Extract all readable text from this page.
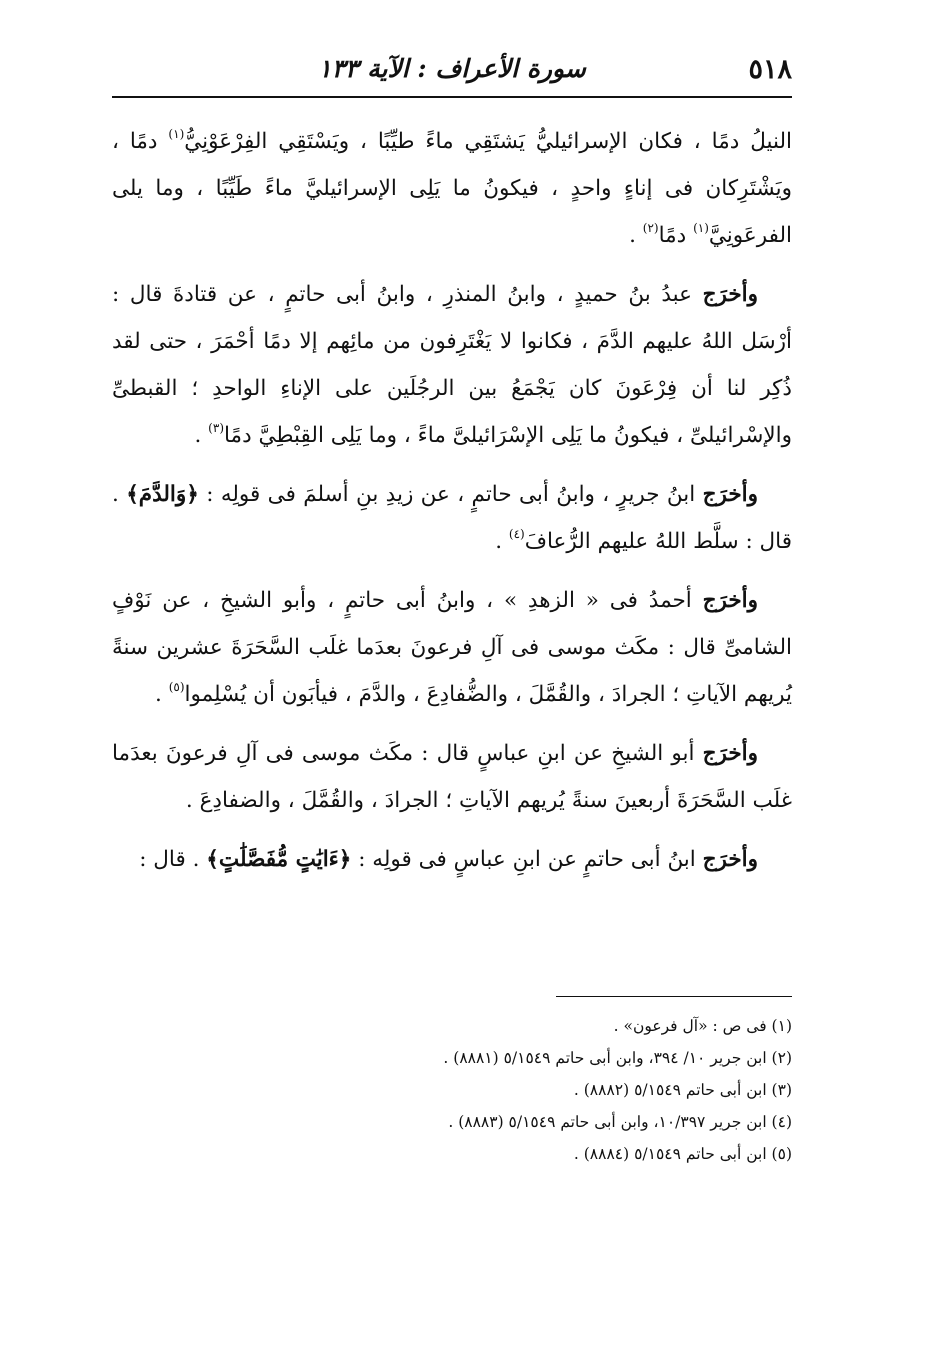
٥١٨
سورة الأعراف : الآية ١٣٣

النيلُ دمًا ، فكان الإسرائيليُّ يَشتَقِي ماءً طيِّبًا ، ويَسْتَقِي الفِرْعَوْنِيُّ$^{(١)}$ دمًا ، ويَشْتَرِكان فى إناءٍ واحدٍ ، فيكونُ ما يَلِى الإسرائيليَّ ماءً طَيِّبًا ، وما يلى الفرعَونِيَّ$^{(١)}$ دمًا$^{(٢)}$ .

وأخرَج عبدُ بنُ حميدٍ ، وابنُ المنذرِ ، وابنُ أبى حاتمٍ ، عن قتادةَ قال : أرْسَل اللهُ عليهم الدَّمَ ، فكانوا لا يَغْتَرِفون من مائِهم إلا دمًا أحْمَرَ ، حتى لقد ذُكِر لنا أن فِرْعَونَ كان يَجْمَعُ بين الرجُلَين على الإناءِ الواحدِ ؛ القبطىِّ والإسْرائيلىِّ ، فيكونُ ما يَلِى الإسْرَائيلىَّ ماءً ، وما يَلِى القِبْطِيَّ دمًا$^{(٣)}$ .

وأخرَج ابنُ جريرٍ ، وابنُ أبى حاتمٍ ، عن زيدِ بنِ أسلمَ فى قولِه : ﴿وَالدَّمَ﴾ . قال : سلَّط اللهُ عليهم الرُّعافَ$^{(٤)}$ .

وأخرَج أحمدُ فى « الزهدِ » ، وابنُ أبى حاتمٍ ، وأبو الشيخِ ، عن نَوْفٍ الشامىِّ قال : مكَث موسى فى آلِ فرعونَ بعدَما غلَب السَّحَرَةَ عشرين سنةً يُريهم الآياتِ ؛ الجرادَ ، والقُمَّلَ ، والضُّفادِعَ ، والدَّمَ ، فيأبَون أن يُسْلِموا$^{(٥)}$ .

وأخرَج أبو الشيخِ عن ابنِ عباسٍ قال : مكَث موسى فى آلِ فرعونَ بعدَما غلَب السَّحَرَةَ أربعينَ سنةً يُريهم الآياتِ ؛ الجرادَ ، والقُمَّلَ ، والضفادِعَ .

وأخرَج ابنُ أبى حاتمٍ عن ابنِ عباسٍ فى قولِه : ﴿ءَايَٰتٍ مُّفَصَّلَٰتٍ﴾ . قال :

(١) فى ص : «آل فرعون» .

(٢) ابن جرير ١٠/ ٣٩٤، وابن أبى حاتم ٥/١٥٤٩ (٨٨٨١) .

(٣) ابن أبى حاتم ٥/١٥٤٩ (٨٨٨٢) .

(٤) ابن جرير ١٠/٣٩٧، وابن أبى حاتم ٥/١٥٤٩ (٨٨٨٣) .

(٥) ابن أبى حاتم ٥/١٥٤٩ (٨٨٨٤) .
